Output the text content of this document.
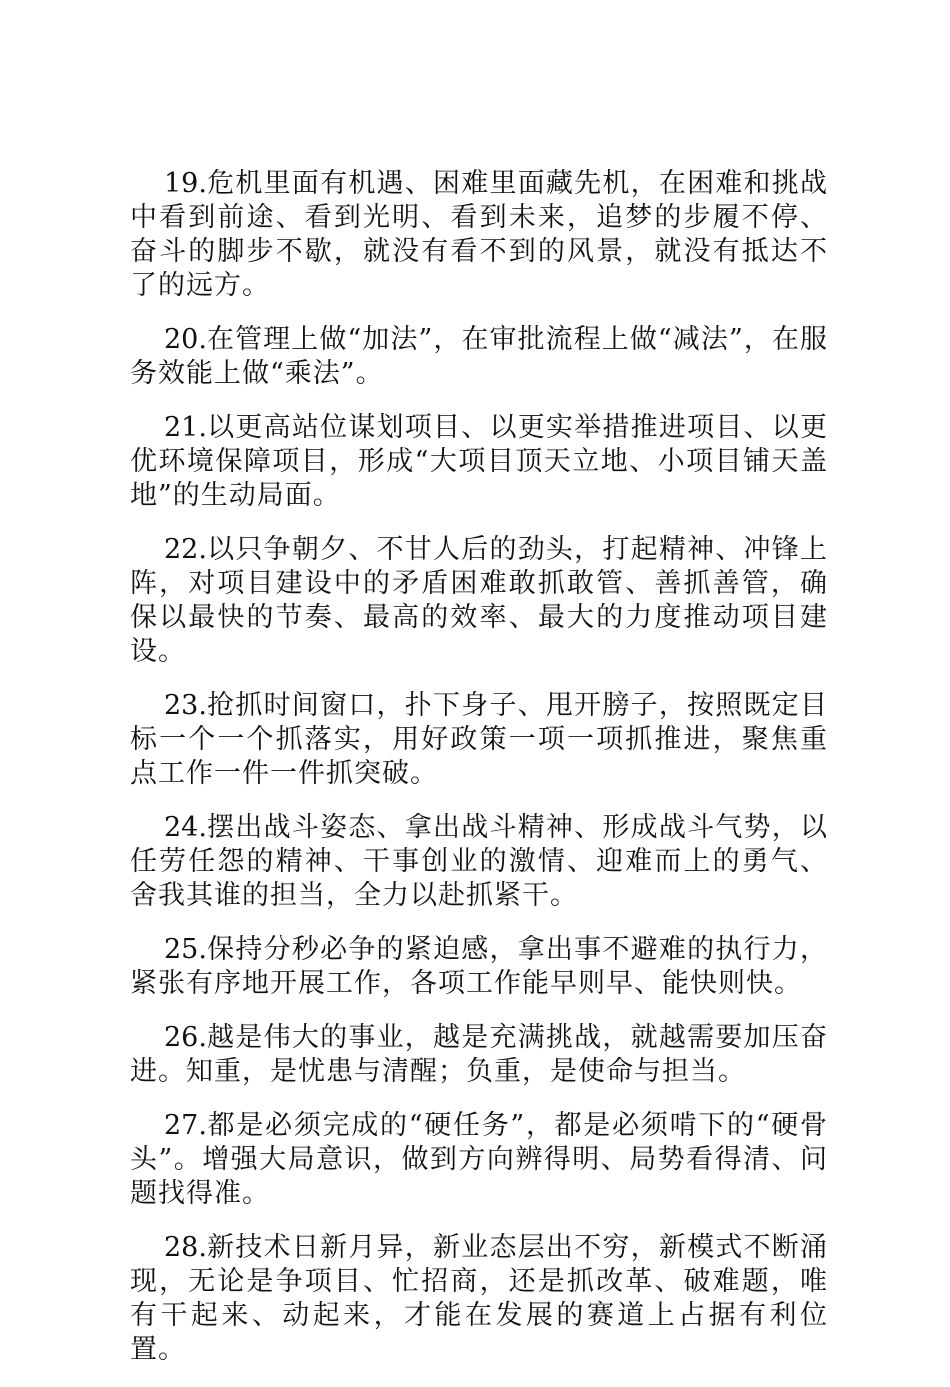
19.危机里面有机遇、困难里面藏先机，在困难和挑战中看到前途、看到光明、看到未来，追梦的步履不停、奋斗的脚步不歇，就没有看不到的风景，就没有抵达不了的远方。

20.在管理上做“加法”，在审批流程上做“减法”，在服务效能上做“乘法”。

21.以更高站位谋划项目、以更实举措推进项目、以更优环境保障项目，形成“大项目顶天立地、小项目铺天盖地”的生动局面。

22.以只争朝夕、不甘人后的劲头，打起精神、冲锋上阵，对项目建设中的矛盾困难敢抓敢管、善抓善管，确保以最快的节奏、最高的效率、最大的力度推动项目建设。

23.抢抓时间窗口，扑下身子、甩开膀子，按照既定目标一个一个抓落实，用好政策一项一项抓推进，聚焦重点工作一件一件抓突破。

24.摆出战斗姿态、拿出战斗精神、形成战斗气势，以任劳任怨的精神、干事创业的激情、迎难而上的勇气、舍我其谁的担当，全力以赴抓紧干。

25.保持分秒必争的紧迫感，拿出事不避难的执行力，紧张有序地开展工作，各项工作能早则早、能快则快。

26.越是伟大的事业，越是充满挑战，就越需要加压奋进。知重，是忧患与清醒；负重，是使命与担当。

27.都是必须完成的“硬任务”，都是必须啃下的“硬骨头”。增强大局意识，做到方向辨得明、局势看得清、问题找得准。

28.新技术日新月异，新业态层出不穷，新模式不断涌现，无论是争项目、忙招商，还是抓改革、破难题，唯有干起来、动起来，才能在发展的赛道上占据有利位置。
